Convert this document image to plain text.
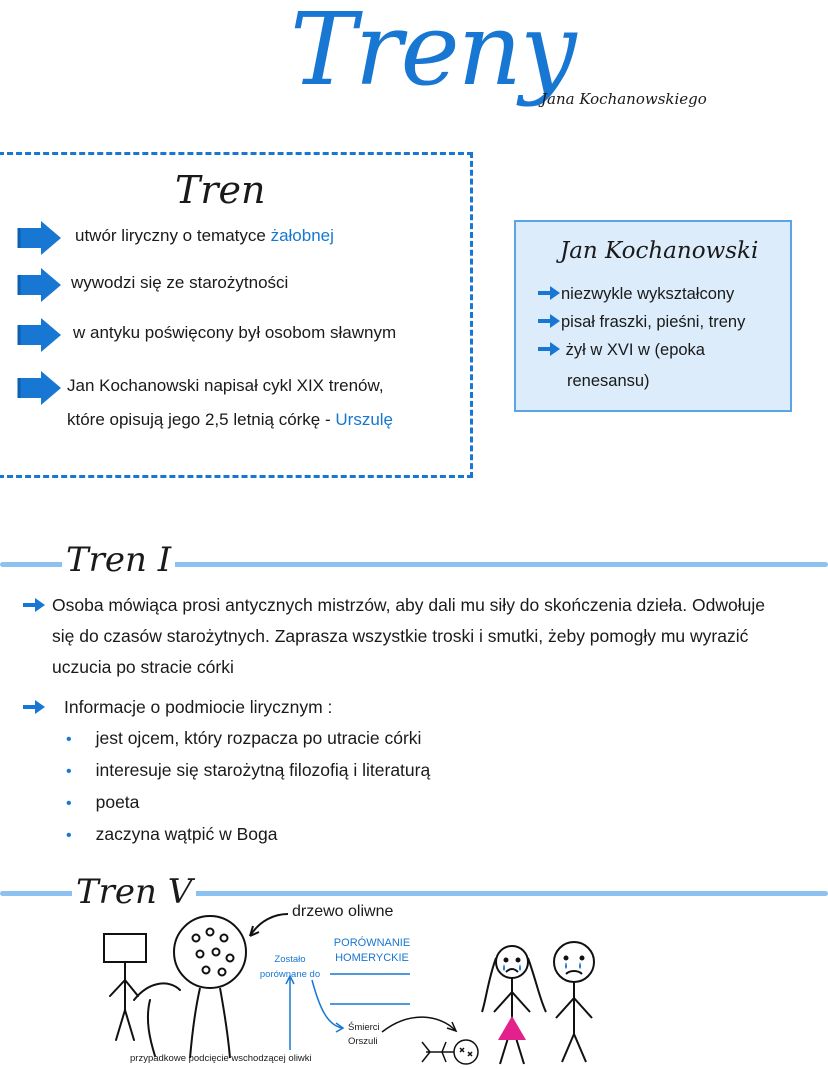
Treny
Jana Kochanowskiego
Tren
utwór liryczny o tematyce żałobnej
wywodzi się ze starożytności
w antyku poświęcony był osobom sławnym
Jan Kochanowski napisał cykl XIX trenów,
które opisują jego 2,5 letnią córkę - Urszulę
Jan Kochanowski
niezwykle wykształcony
pisał fraszki, pieśni, treny
żył w XVI w (epoka
renesansu)
Tren I
Osoba mówiąca prosi antycznych mistrzów, aby dali mu siły do skończenia dzieła. Odwołuje
się do czasów starożytnych. Zaprasza wszystkie troski i smutki, żeby pomogły mu wyrazić
uczucia po stracie córki
Informacje o podmiocie lirycznym :
• jest ojcem, który rozpacza po utracie córki
• interesuje się starożytną filozofią i literaturą
• poeta
• zaczyna wątpić w Boga
Tren V	drzewo oliwne
Zostało
porównane do
PORÓWNANIE
HOMERYCKIE
Śmierci
Orszuli
przypadkowe podcięcie wschodzącej oliwki
